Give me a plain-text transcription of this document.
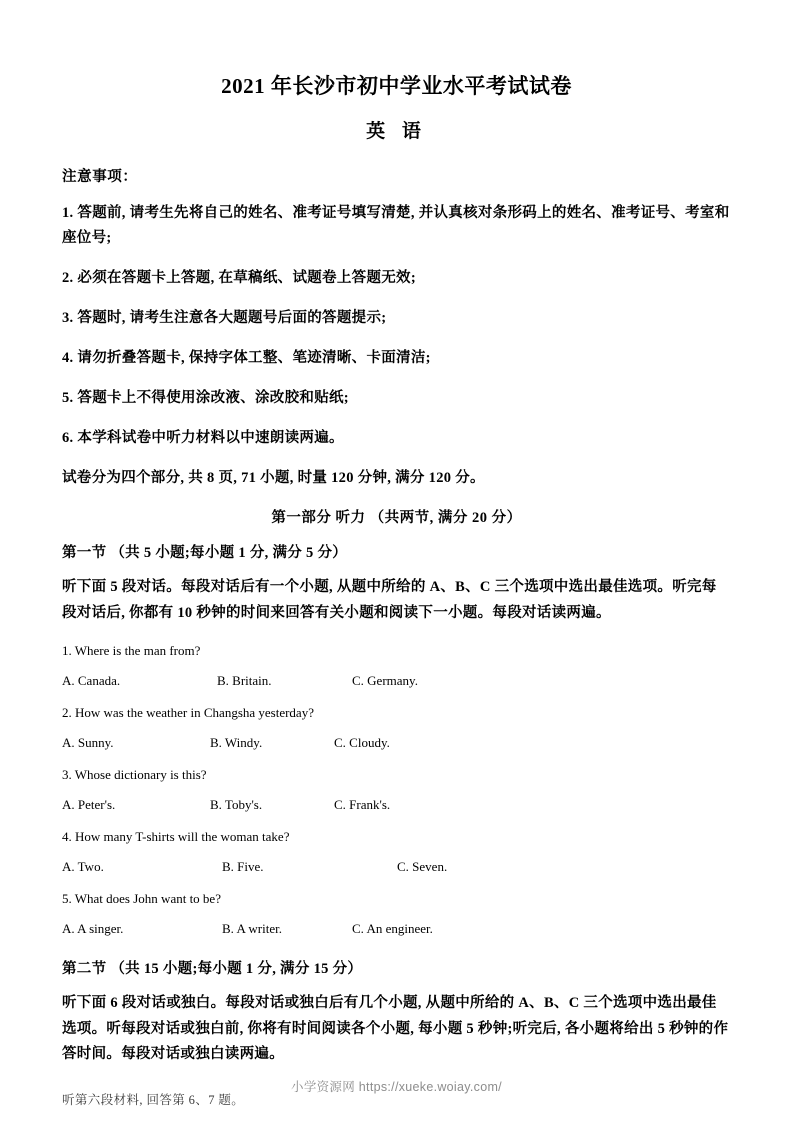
2021 年长沙市初中学业水平考试试卷
英 语

注意事项：

1. 答题前, 请考生先将自己的姓名、准考证号填写清楚, 并认真核对条形码上的姓名、准考证号、考室和座位号;

2. 必须在答题卡上答题, 在草稿纸、试题卷上答题无效;

3. 答题时, 请考生注意各大题题号后面的答题提示;

4. 请勿折叠答题卡, 保持字体工整、笔迹清晰、卡面清洁;

5. 答题卡上不得使用涂改液、涂改胶和贴纸;

6. 本学科试卷中听力材料以中速朗读两遍。

试卷分为四个部分, 共 8 页, 71 小题, 时量 120 分钟, 满分 120 分。

第一部分 听力 （共两节, 满分 20 分）

第一节 （共 5 小题;每小题 1 分, 满分 5 分）

听下面 5 段对话。每段对话后有一个小题, 从题中所给的 A、B、C 三个选项中选出最佳选项。听完每段对话后, 你都有 10 秒钟的时间来回答有关小题和阅读下一小题。每段对话读两遍。

1. Where is the man from?

A. Canada.	B. Britain.	C. Germany.

2. How was the weather in Changsha yesterday?

A. Sunny.	B. Windy.	C. Cloudy.

3. Whose dictionary is this?

A. Peter's.	B. Toby's.	C. Frank's.

4. How many T-shirts will the woman take?

A. Two.	B. Five.	C. Seven.

5. What does John want to be?

A. A singer.	B. A writer.	C. An engineer.

第二节 （共 15 小题;每小题 1 分, 满分 15 分）

听下面 6 段对话或独白。每段对话或独白后有几个小题, 从题中所给的 A、B、C 三个选项中选出最佳选项。听每段对话或独白前, 你将有时间阅读各个小题, 每小题 5 秒钟;听完后, 各小题将给出 5 秒钟的作答时间。每段对话或独白读两遍。

听第六段材料, 回答第 6、7 题。

小学资源网 https://xueke.woiay.com/
